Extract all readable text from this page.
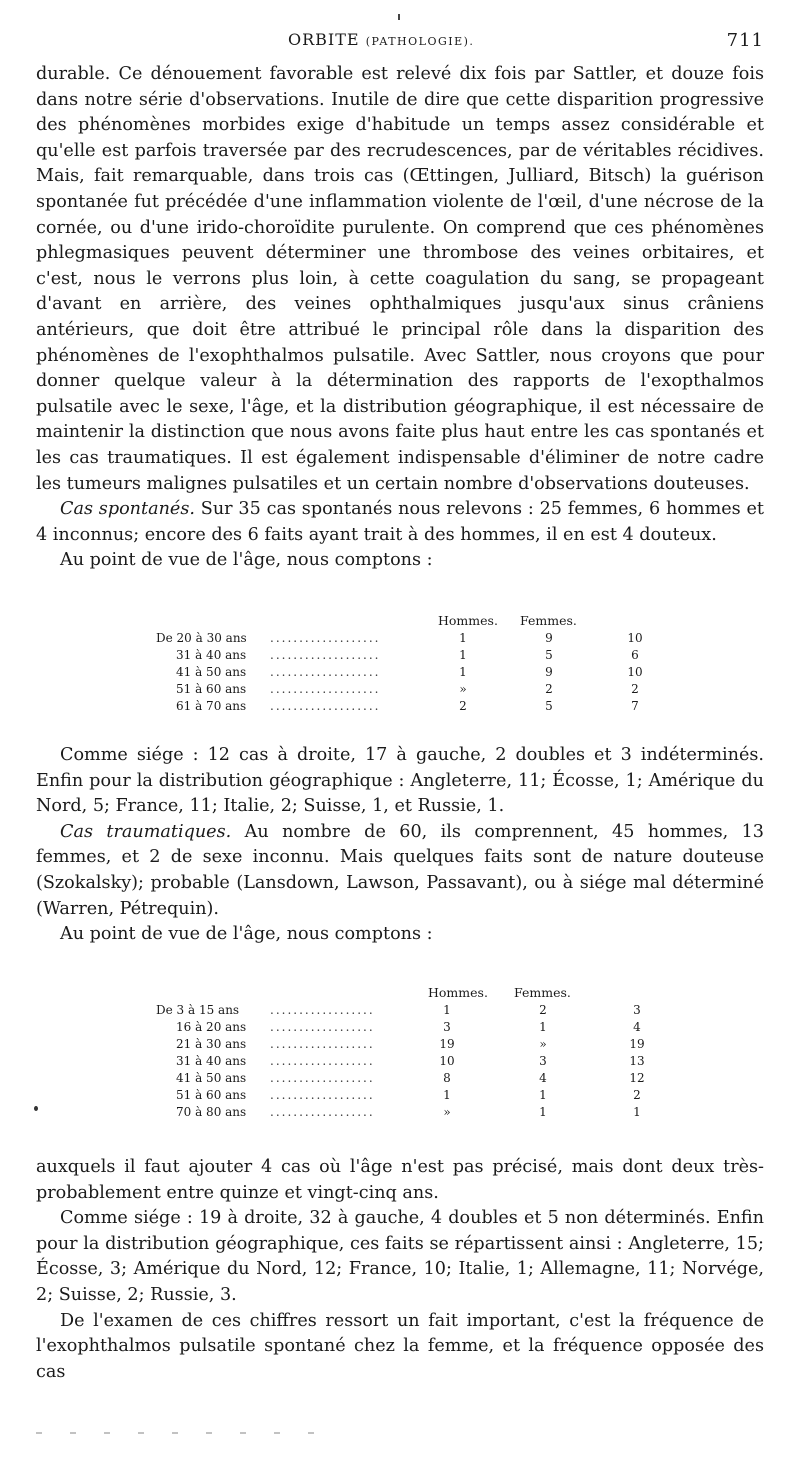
ORBITE (PATHOLOGIE).	711

durable. Ce dénouement favorable est relevé dix fois par Sattler, et douze fois dans notre série d'observations. Inutile de dire que cette disparition progressive des phénomènes morbides exige d'habitude un temps assez considérable et qu'elle est parfois traversée par des recrudescences, par de véritables récidives. Mais, fait remarquable, dans trois cas (Œttingen, Julliard, Bitsch) la guérison spontanée fut précédée d'une inflammation violente de l'œil, d'une nécrose de la cornée, ou d'une irido-choroïdite purulente. On comprend que ces phénomènes phlegmasiques peuvent déterminer une thrombose des veines orbitaires, et c'est, nous le verrons plus loin, à cette coagulation du sang, se propageant d'avant en arrière, des veines ophthalmiques jusqu'aux sinus crâniens antérieurs, que doit être attribué le principal rôle dans la disparition des phénomènes de l'exophthalmos pulsatile. Avec Sattler, nous croyons que pour donner quelque valeur à la détermination des rapports de l'exopthalmos pulsatile avec le sexe, l'âge, et la distribution géographique, il est nécessaire de maintenir la distinction que nous avons faite plus haut entre les cas spontanés et les cas traumatiques. Il est également indispensable d'éliminer de notre cadre les tumeurs malignes pulsatiles et un certain nombre d'observations douteuses.

Cas spontanés. Sur 35 cas spontanés nous relevons : 25 femmes, 6 hommes et 4 inconnus; encore des 6 faits ayant trait à des hommes, il en est 4 douteux.

Au point de vue de l'âge, nous comptons :

Hommes. Femmes.
De 20 à 30 ans ...................	1	9	10
31 à 40 ans ...................	1	5	6
41 à 50 ans ...................	1	9	10
51 à 60 ans ...................	»	2	2
61 à 70 ans ...................	2	5	7

Comme siége : 12 cas à droite, 17 à gauche, 2 doubles et 3 indéterminés. Enfin pour la distribution géographique : Angleterre, 11; Écosse, 1; Amérique du Nord, 5; France, 11; Italie, 2; Suisse, 1, et Russie, 1.

Cas traumatiques. Au nombre de 60, ils comprennent, 45 hommes, 13 femmes, et 2 de sexe inconnu. Mais quelques faits sont de nature douteuse (Szokalsky); probable (Lansdown, Lawson, Passavant), ou à siége mal déterminé (Warren, Pétrequin).

Au point de vue de l'âge, nous comptons :

Hommes. Femmes.
De 3 à 15 ans	..................	1	2	3
16 à 20 ans ..................	3	1	4
21 à 30 ans ..................	19	»	19
31 à 40 ans ..................	10	3	13
41 à 50 ans ..................	8	4	12
51 à 60 ans ..................	1	1	2
70 à 80 ans ..................	»	1	1

auxquels il faut ajouter 4 cas où l'âge n'est pas précisé, mais dont deux très-probablement entre quinze et vingt-cinq ans.

Comme siége : 19 à droite, 32 à gauche, 4 doubles et 5 non déterminés. Enfin pour la distribution géographique, ces faits se répartissent ainsi : Angleterre, 15; Écosse, 3; Amérique du Nord, 12; France, 10; Italie, 1; Allemagne, 11; Norvége, 2; Suisse, 2; Russie, 3.

De l'examen de ces chiffres ressort un fait important, c'est la fréquence de l'exophthalmos pulsatile spontané chez la femme, et la fréquence opposée des cas
